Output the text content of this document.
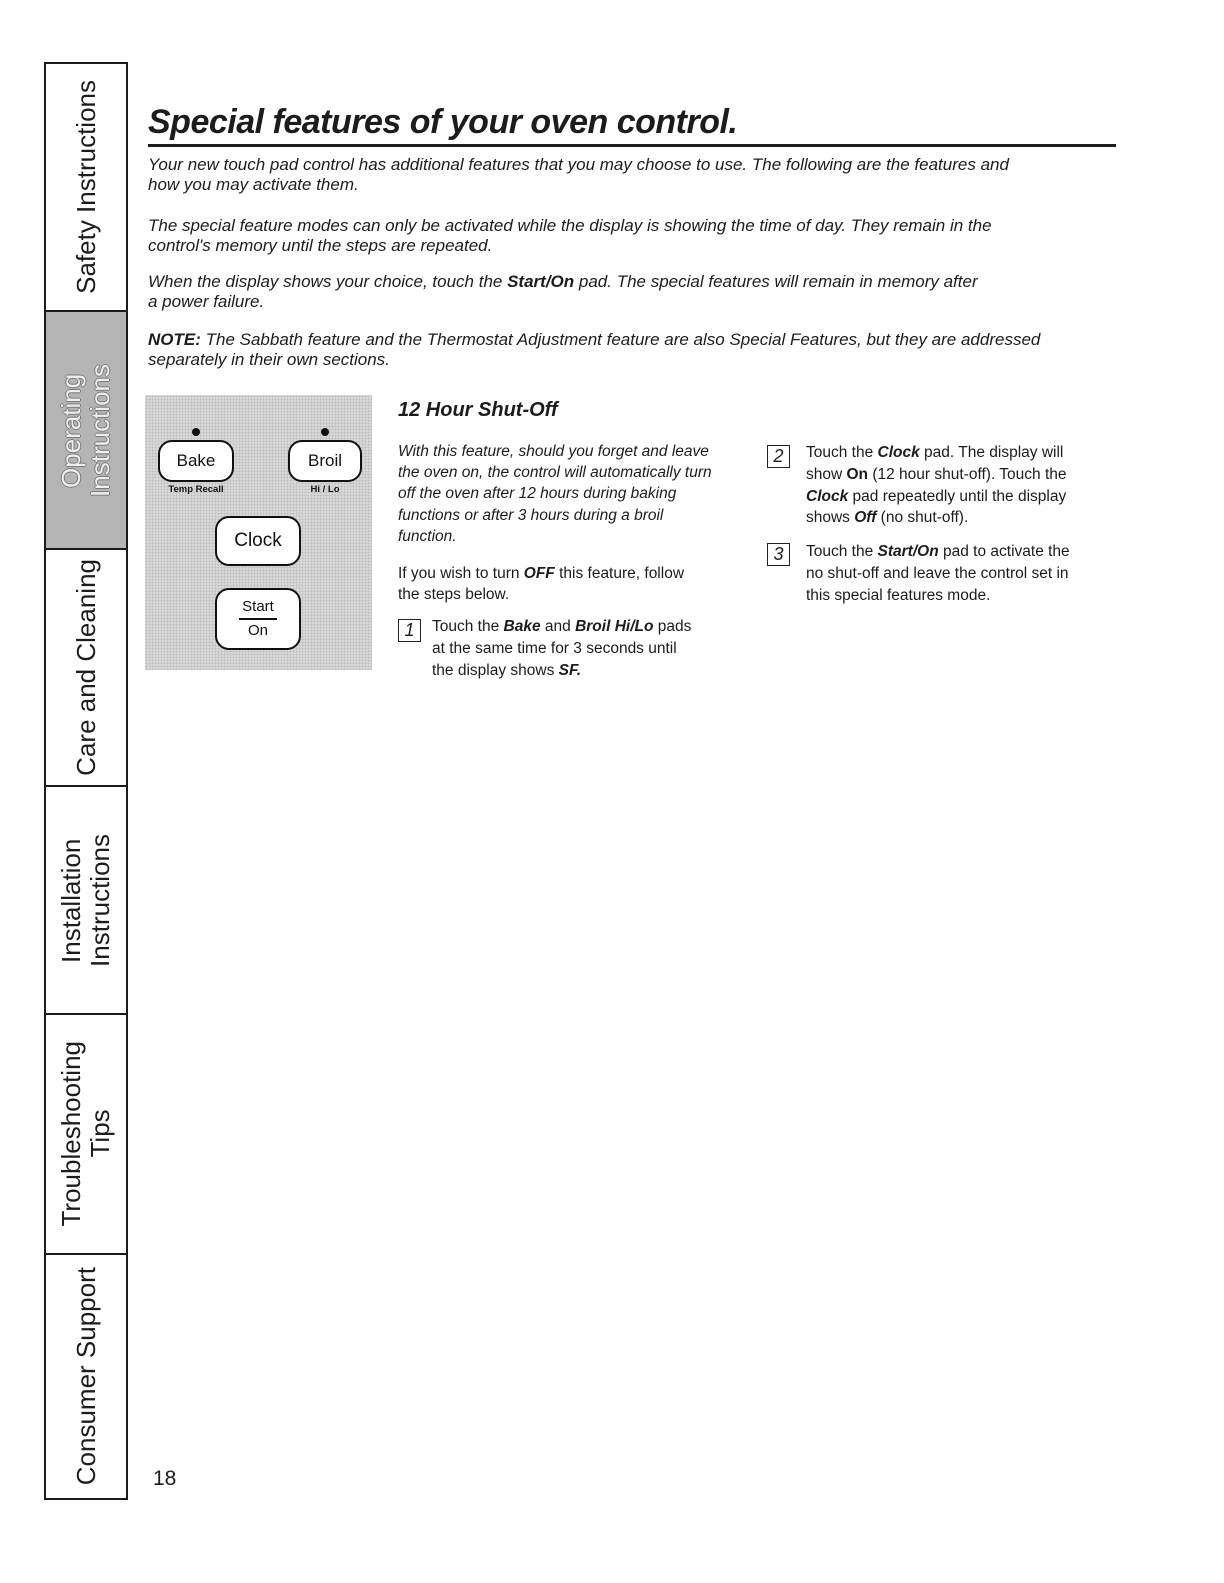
Safety Instructions
Operating Instructions
Care and Cleaning
Installation Instructions
Troubleshooting Tips
Consumer Support
Special features of your oven control.
Your new touch pad control has additional features that you may choose to use. The following are the features and
how you may activate them.
The special feature modes can only be activated while the display is showing the time of day. They remain in the
control's memory until the steps are repeated.
When the display shows your choice, touch the Start/On pad. The special features will remain in memory after
a power failure.
NOTE: The Sabbath feature and the Thermostat Adjustment feature are also Special Features, but they are addressed
separately in their own sections.
Bake
Temp Recall
Broil
Hi / Lo
Clock
Start
On
12 Hour Shut-Off
With this feature, should you forget and leave
the oven on, the control will automatically turn
off the oven after 12 hours during baking
functions or after 3 hours during a broil
function.
If you wish to turn OFF this feature, follow
the steps below.
1	Touch the Bake and Broil Hi/Lo pads
at the same time for 3 seconds until
the display shows SF.
2	Touch the Clock pad. The display will
show On (12 hour shut-off). Touch the
Clock pad repeatedly until the display
shows Off (no shut-off).
3	Touch the Start/On pad to activate the
no shut-off and leave the control set in
this special features mode.
18
